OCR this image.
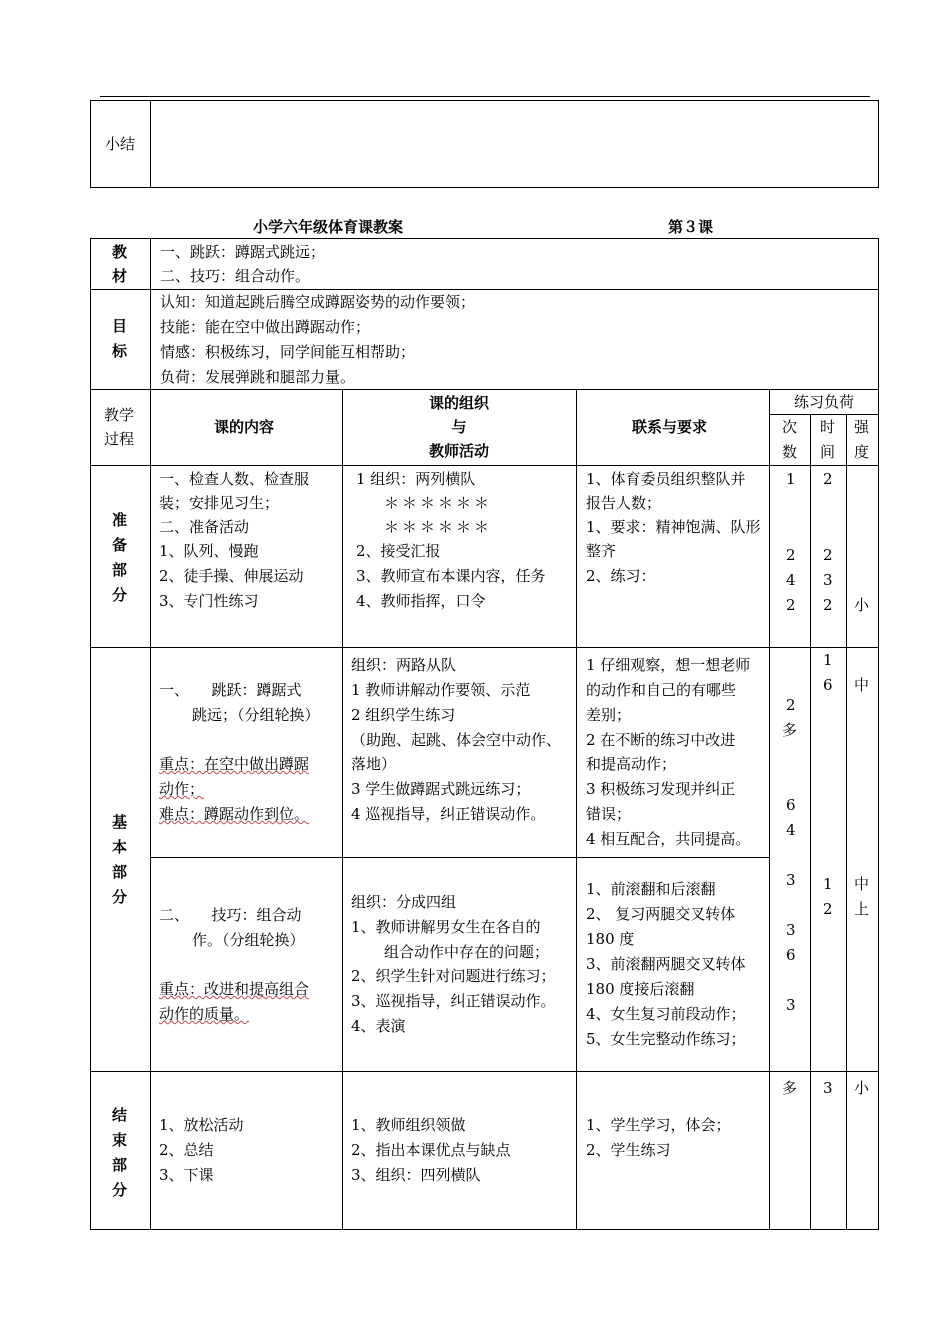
小结
小学六年级体育课教案	第３课
教
材
一、跳跃：蹲踞式跳远；
二、技巧：组合动作。
目
标
认知：知道起跳后腾空成蹲踞姿势的动作要领；
技能：能在空中做出蹲踞动作；
情感：积极练习，同学间能互相帮助；
负荷：发展弹跳和腿部力量。
教学
过程
课的内容
课的组织
与
教师活动
联系与要求
练习负荷
次
数
时
间
强
度
准
备
部
分
一、检查人数、检查服
装；安排见习生；
二、准备活动
1、队列、慢跑
2、徒手操、伸展运动
3、专门性练习
1 组织：两列横队
＊＊＊＊＊＊
＊＊＊＊＊＊
2、接受汇报
3、教师宣布本课内容，任务
4、教师指挥，口令
1、体育委员组织整队并
报告人数；
1、要求：精神饱满、队形
整齐
2、练习：
1
2
4
2
2
2
3
2 小
基
本
部
分
一、　　跳跃：蹲踞式
跳远；（分组轮换）
重点：在空中做出蹲踞
动作；
难点：蹲踞动作到位。
组织：两路从队
1 教师讲解动作要领、示范
2 组织学生练习
（助跑、起跳、体会空中动作、
落地）
3 学生做蹲踞式跳远练习；
4 巡视指导，纠正错误动作。
1 仔细观察，想一想老师
的动作和自己的有哪些
差别；
2 在不断的练习中改进
和提高动作；
3 积极练习发现并纠正
错误；
4 相互配合，共同提高。
1
6 中
2
多
6
4
3
3
6
3
二、　　技巧：组合动
作。（分组轮换）
重点：改进和提高组合
动作的质量。
组织：分成四组
1、教师讲解男女生在各自的
组合动作中存在的问题；
2、织学生针对问题进行练习；
3、巡视指导，纠正错误动作。
4、表演
1、前滚翻和后滚翻
2、 复习两腿交叉转体
180 度
3、前滚翻两腿交叉转体
180 度接后滚翻
4、女生复习前段动作；
5、女生完整动作练习；
1
2
中
上
结
束
部
分
1、放松活动
2、总结
3、下课
1、教师组织领做
2、指出本课优点与缺点
3、组织：四列横队
1、学生学习，体会；
2、学生练习
多 3 小
